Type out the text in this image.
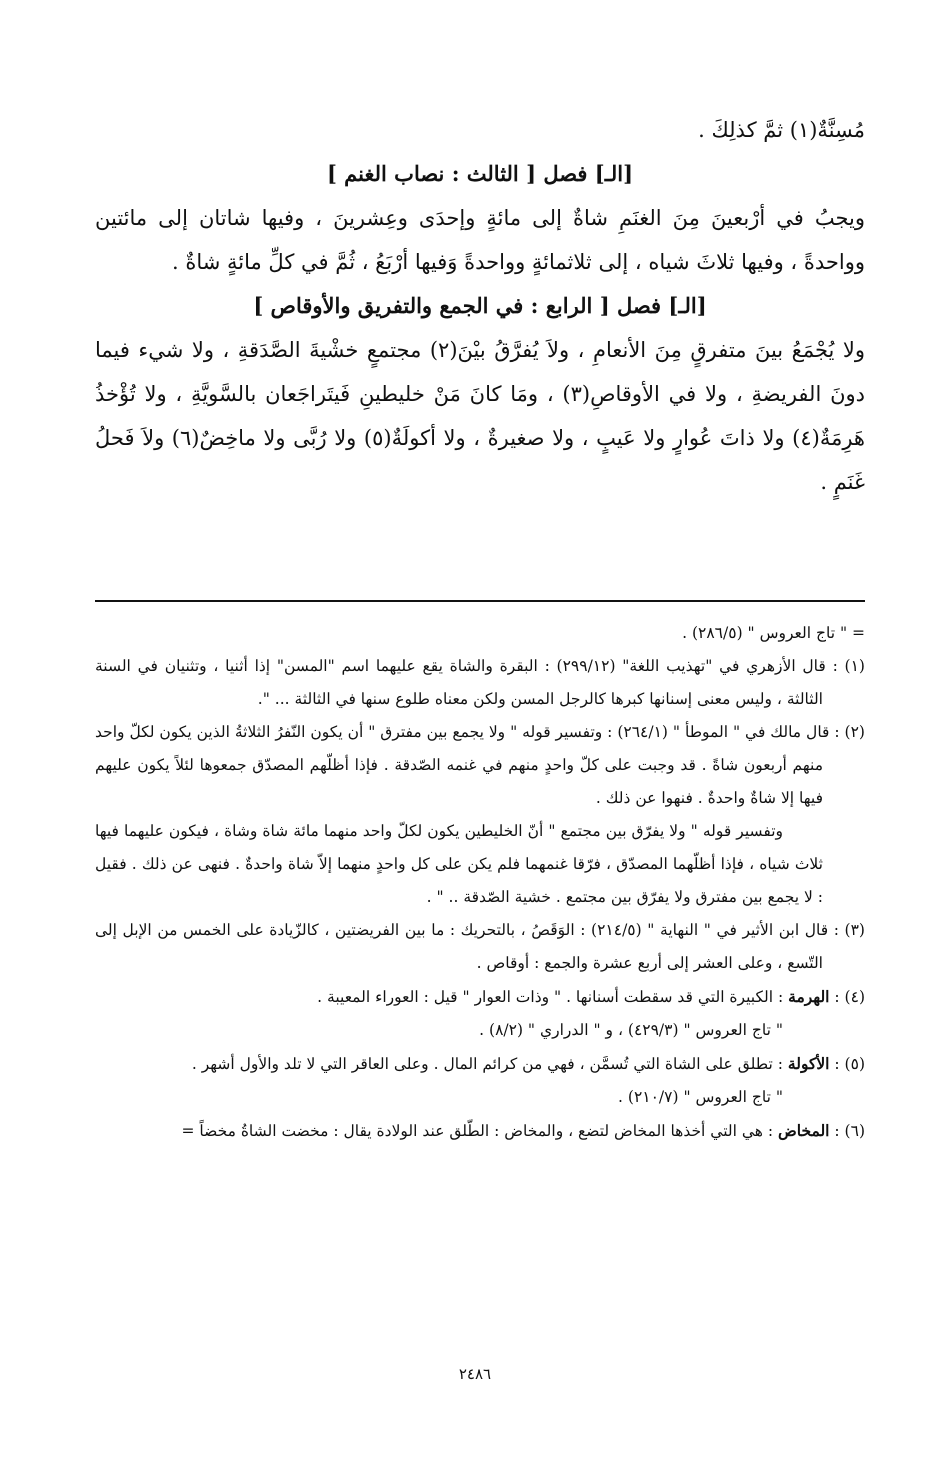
مُسِنَّةٌ(١) ثمَّ كذلِكَ .

[الـ] فصل [ الثالث : نصاب الغنم ]

ويجبُ في أرْبعينَ مِنَ الغنَمِ شاةٌ إلى مائةٍ وإحدَى وعِشرينَ ، وفيها شاتان إلى مائتين وواحدةً ، وفيها ثلاثَ شياه ، إلى ثلاثمائةٍ وواحدةً وَفيها أرْبَعُ ، ثُمَّ في كلِّ مائةٍ شاةٌ .

[الـ] فصل [ الرابع : في الجمع والتفريق والأوقاص ]

ولا يُجْمَعُ بينَ متفرقٍ مِنَ الأنعامِ ، ولاَ يُفرَّقُ بيْنَ(٢) مجتمعٍ خشْيةَ الصَّدَقةِ ، ولا شيء فيما دونَ الفريضةِ ، ولا في الأوقاصِ(٣) ، ومَا كانَ مَنْ خليطينِ فَيتَراجَعان بالسَّويَّةِ ، ولا تُؤْخذُ هَرِمَةٌ(٤) ولا ذاتَ عُوارٍ ولا عَيبٍ ، ولا صغيرةٌ ، ولا أكولَةٌ(٥) ولا رُبَّى ولا ماخِضٌ(٦) ولاَ فَحلُ غَنَمٍ .

= " تاج العروس " (٢٨٦/٥) .

(١) : قال الأزهري في "تهذيب اللغة" (٢٩٩/١٢) : البقرة والشاة يقع عليهما اسم "المسن" إذا أثنيا ، وتثنيان في السنة الثالثة ، وليس معنى إسنانها كبرها كالرجل المسن ولكن معناه طلوع سنها في الثالثة ... ".

(٢) : قال مالك في " الموطأ " (٢٦٤/١) : وتفسير قوله " ولا يجمع بين مفترق " أن يكون النّفرُ الثلاثةُ الذين يكون لكلّ واحد منهم أربعون شاةً . قد وجبت على كلّ واحدٍ منهم في غنمه الصّدقة . فإذا أظلّهم المصدّق جمعوها لئلاً يكون عليهم فيها إلا شاةٌ واحدةٌ . فنهوا عن ذلك .

وتفسير قوله " ولا يفرّق بين مجتمع " أنّ الخليطين يكون لكلّ واحد منهما مائة شاة وشاة ، فيكون عليهما فيها ثلاث شياه ، فإذا أظلّهما المصدّق ، فرّقا غنمهما فلم يكن على كل واحدٍ منهما إلاّ شاة واحدةٌ . فنهى عن ذلك . فقيل : لا يجمع بين مفترق ولا يفرّق بين مجتمع . خشية الصّدقة .. " .

(٣) : قال ابن الأثير في " النهاية " (٢١٤/٥) : الوَقَصُ ، بالتحريك : ما بين الفريضتين ، كالزّيادة على الخمس من الإبل إلى التّسع ، وعلى العشر إلى أربع عشرة والجمع : أوقاص .

(٤) : الهرمة : الكبيرة التي قد سقطت أسنانها . " وذات العوار " قيل : العوراء المعيبة .

" تاج العروس " (٤٢٩/٣) ، و " الدراري " (٨/٢) .

(٥) : الأكولة : تطلق على الشاة التي تُسمَّن ، فهي من كرائم المال . وعلى العاقر التي لا تلد والأول أشهر .

" تاج العروس " (٢١٠/٧) .

(٦) : المخاض : هي التي أخذها المخاض لتضع ، والمخاض : الطّلق عند الولادة يقال : مخضت الشاةُ مخضاً =

٢٤٨٦
